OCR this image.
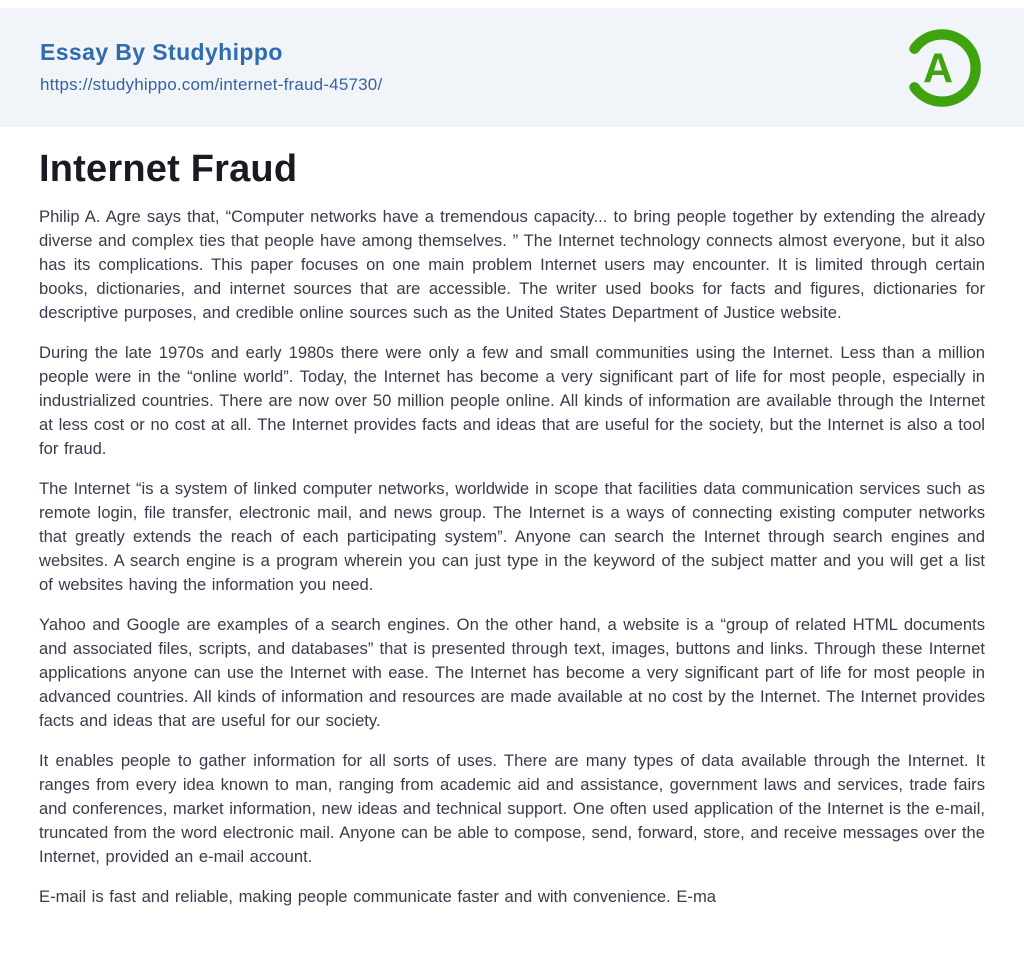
Essay By Studyhippo
https://studyhippo.com/internet-fraud-45730/	A
Internet Fraud

Philip A. Agre says that, “Computer networks have a tremendous capacity... to bring people together by extending the already diverse and complex ties that people have among themselves. ” The Internet technology connects almost everyone, but it also has its complications. This paper focuses on one main problem Internet users may encounter. It is limited through certain books, dictionaries, and internet sources that are accessible. The writer used books for facts and figures, dictionaries for descriptive purposes, and credible online sources such as the United States Department of Justice website.

During the late 1970s and early 1980s there were only a few and small communities using the Internet. Less than a million people were in the “online world”. Today, the Internet has become a very significant part of life for most people, especially in industrialized countries. There are now over 50 million people online. All kinds of information are available through the Internet at less cost or no cost at all. The Internet provides facts and ideas that are useful for the society, but the Internet is also a tool for fraud.

The Internet “is a system of linked computer networks, worldwide in scope that facilities data communication services such as remote login, file transfer, electronic mail, and news group. The Internet is a ways of connecting existing computer networks that greatly extends the reach of each participating system”. Anyone can search the Internet through search engines and websites. A search engine is a program wherein you can just type in the keyword of the subject matter and you will get a list of websites having the information you need.

Yahoo and Google are examples of a search engines. On the other hand, a website is a “group of related HTML documents and associated files, scripts, and databases” that is presented through text, images, buttons and links. Through these Internet applications anyone can use the Internet with ease. The Internet has become a very significant part of life for most people in advanced countries. All kinds of information and resources are made available at no cost by the Internet. The Internet provides facts and ideas that are useful for our society.

It enables people to gather information for all sorts of uses. There are many types of data available through the Internet. It ranges from every idea known to man, ranging from academic aid and assistance, government laws and services, trade fairs and conferences, market information, new ideas and technical support. One often used application of the Internet is the e-mail, truncated from the word electronic mail. Anyone can be able to compose, send, forward, store, and receive messages over the Internet, provided an e-mail account.

E-mail is fast and reliable, making people communicate faster and with convenience. E-ma
